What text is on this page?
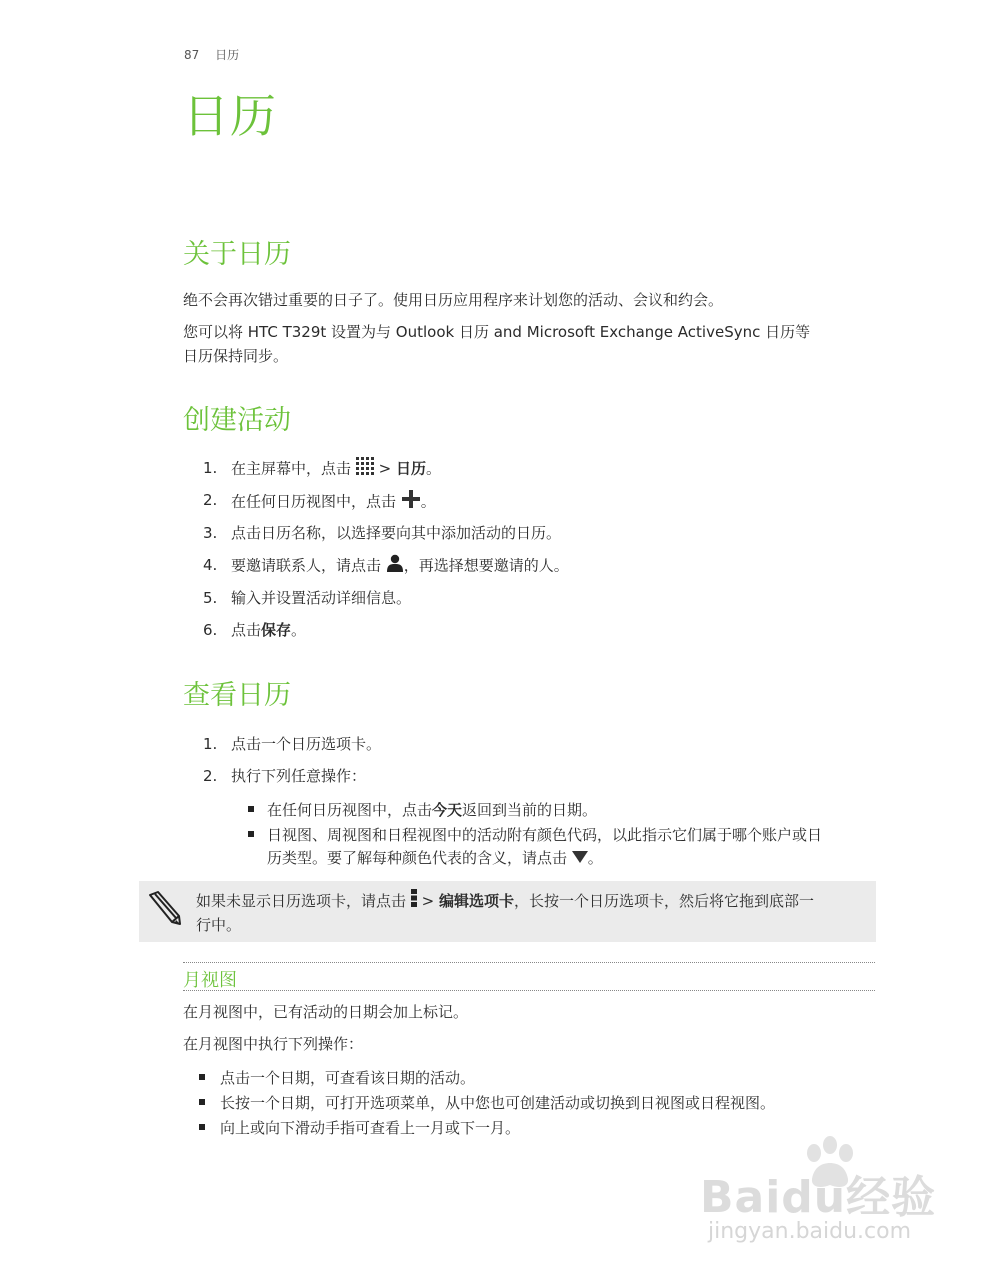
87 日历
日历
关于日历
绝不会再次错过重要的日子了。使用日历应用程序来计划您的活动、会议和约会。
您可以将 HTC T329t 设置为与 Outlook 日历 and Microsoft Exchange ActiveSync 日历等
日历保持同步。
创建活动
1. 在主屏幕中，点击 > 日历。
2. 在任何日历视图中，点击 。
3. 点击日历名称，以选择要向其中添加活动的日历。
4. 要邀请联系人，请点击 ，再选择想要邀请的人。
5. 输入并设置活动详细信息。
6. 点击保存。
查看日历
1. 点击一个日历选项卡。
2. 执行下列任意操作：
在任何日历视图中，点击今天返回到当前的日期。
日视图、周视图和日程视图中的活动附有颜色代码，以此指示它们属于哪个账户或日
历类型。要了解每种颜色代表的含义，请点击 。
如果未显示日历选项卡，请点击 > 编辑选项卡，长按一个日历选项卡，然后将它拖到底部一
行中。
月视图
在月视图中，已有活动的日期会加上标记。
在月视图中执行下列操作：
点击一个日期，可查看该日期的活动。
长按一个日期，可打开选项菜单，从中您也可创建活动或切换到日视图或日程视图。
向上或向下滑动手指可查看上一月或下一月。
Baidu经验
jingyan.baidu.com
